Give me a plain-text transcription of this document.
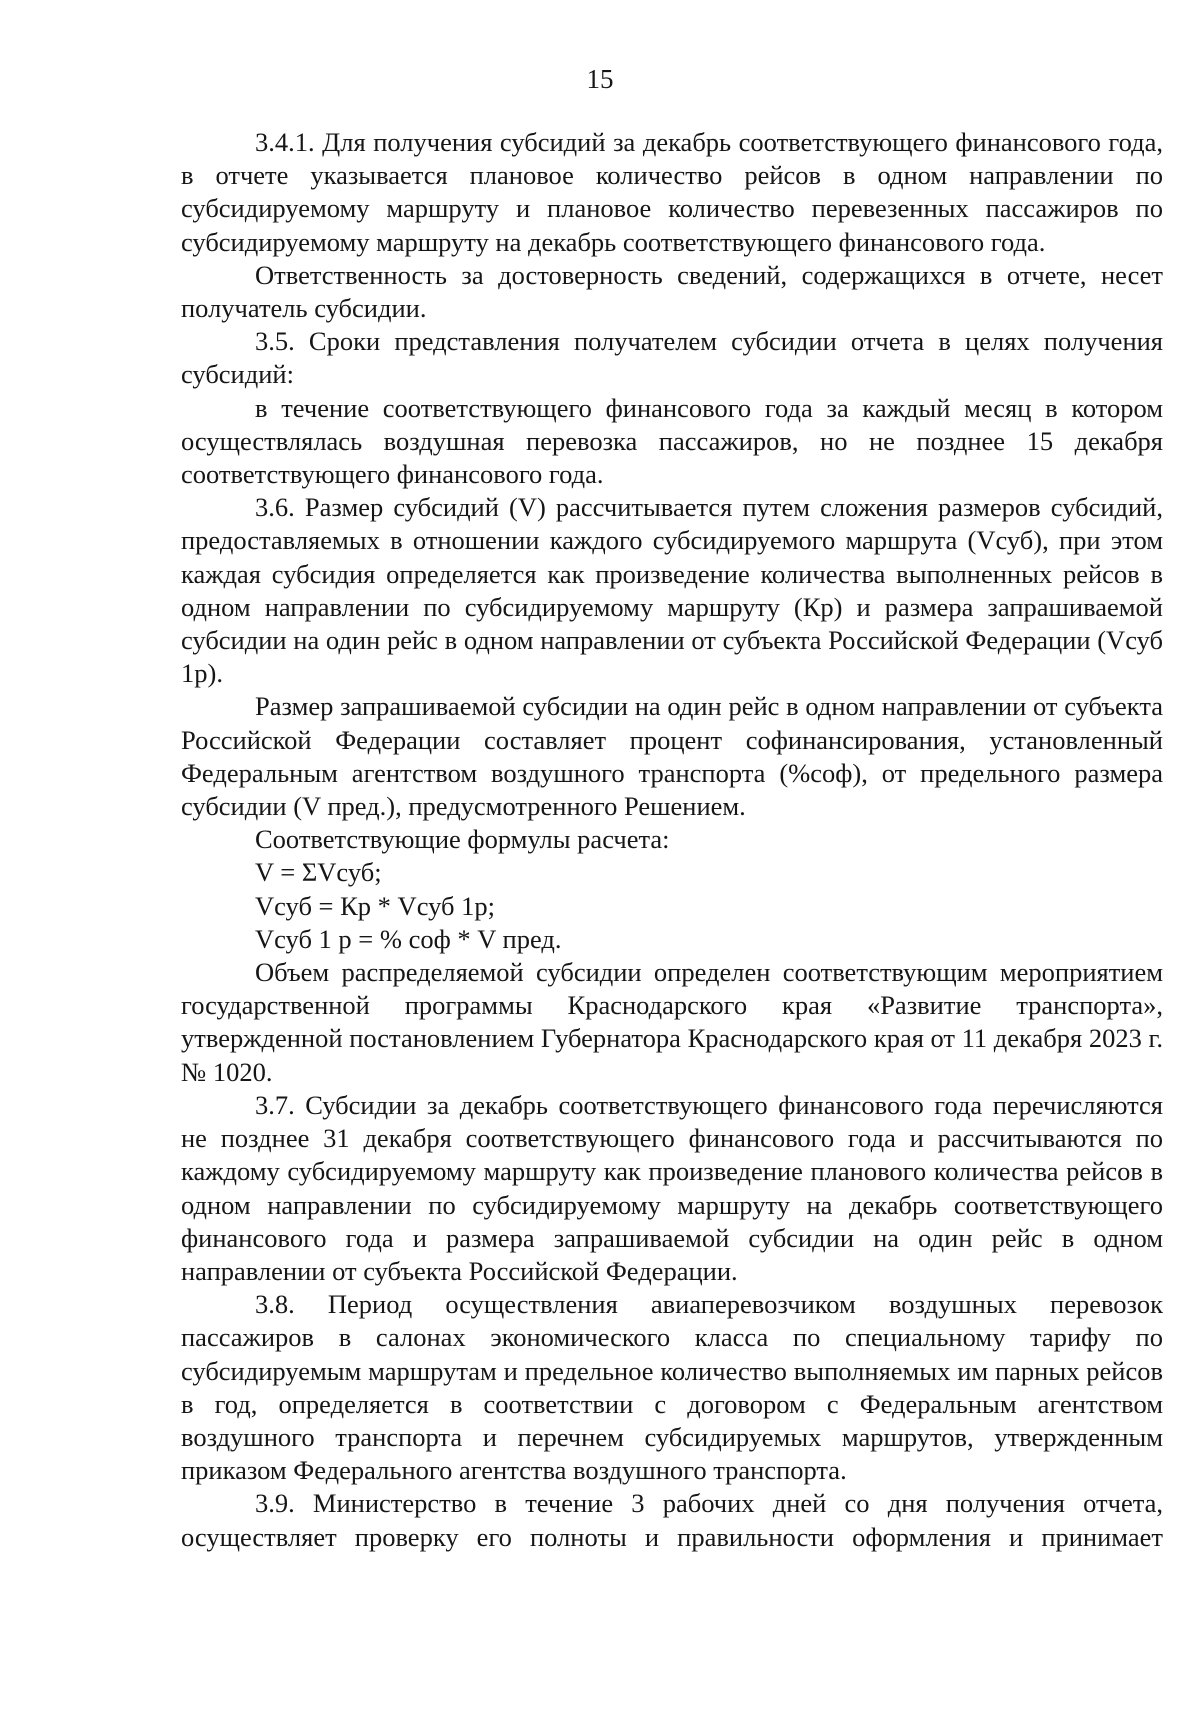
15

3.4.1. Для получения субсидий за декабрь соответствующего финансового года, в отчете указывается плановое количество рейсов в одном направлении по субсидируемому маршруту и плановое количество перевезенных пассажиров по субсидируемому маршруту на декабрь соответствующего финансового года.

Ответственность за достоверность сведений, содержащихся в отчете, несет получатель субсидии.

3.5. Сроки представления получателем субсидии отчета в целях получения субсидий:

в течение соответствующего финансового года за каждый месяц в котором осуществлялась воздушная перевозка пассажиров, но не позднее 15 декабря соответствующего финансового года.

3.6. Размер субсидий (V) рассчитывается путем сложения размеров субсидий, предоставляемых в отношении каждого субсидируемого маршрута (Vсуб), при этом каждая субсидия определяется как произведение количества выполненных рейсов в одном направлении по субсидируемому маршруту (Кр) и размера запрашиваемой субсидии на один рейс в одном направлении от субъекта Российской Федерации (Vсуб 1р).

Размер запрашиваемой субсидии на один рейс в одном направлении от субъекта Российской Федерации составляет процент софинансирования, установленный Федеральным агентством воздушного транспорта (%соф), от предельного размера субсидии (V пред.), предусмотренного Решением.

Соответствующие формулы расчета:

V = ΣVсуб;

Vсуб = Кр * Vсуб 1р;

Vсуб 1 р = % соф * V пред.

Объем распределяемой субсидии определен соответствующим мероприятием государственной программы Краснодарского края «Развитие транспорта», утвержденной постановлением Губернатора Краснодарского края от 11 декабря 2023 г. № 1020.

3.7. Субсидии за декабрь соответствующего финансового года перечисляются не позднее 31 декабря соответствующего финансового года и рассчитываются по каждому субсидируемому маршруту как произведение планового количества рейсов в одном направлении по субсидируемому маршруту на декабрь соответствующего финансового года и размера запрашиваемой субсидии на один рейс в одном направлении от субъекта Российской Федерации.

3.8. Период осуществления авиаперевозчиком воздушных перевозок пассажиров в салонах экономического класса по специальному тарифу по субсидируемым маршрутам и предельное количество выполняемых им парных рейсов в год, определяется в соответствии с договором с Федеральным агентством воздушного транспорта и перечнем субсидируемых маршрутов, утвержденным приказом Федерального агентства воздушного транспорта.

3.9. Министерство в течение 3 рабочих дней со дня получения отчета, осуществляет проверку его полноты и правильности оформления и принимает
